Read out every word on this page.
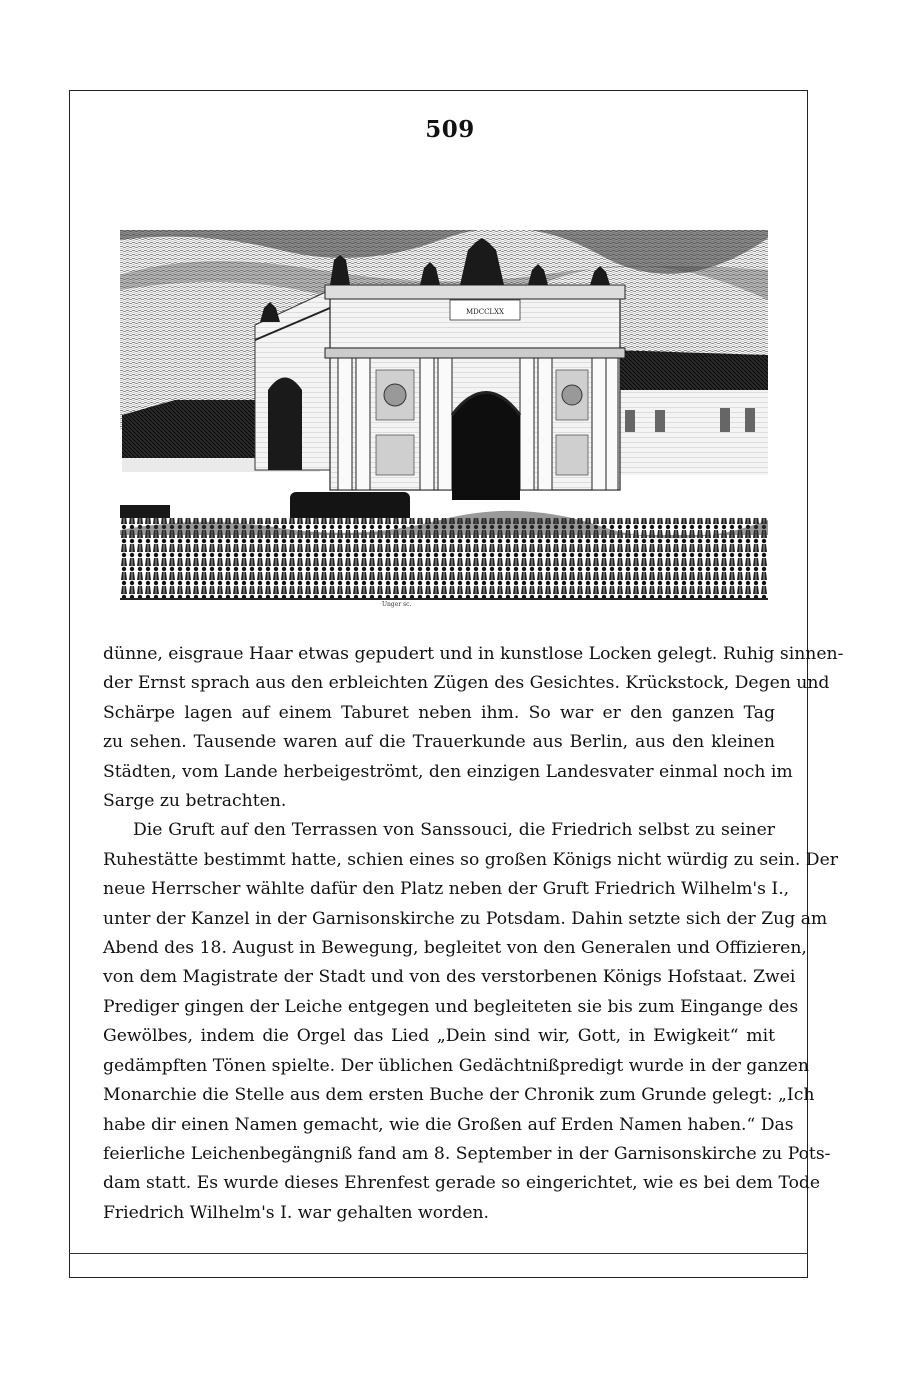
509
MDCCLXX
Unger sc.
dünne, eisgraue Haar etwas gepudert und in kunstlose Locken gelegt. Ruhig sinnen-
der Ernst sprach aus den erbleichten Zügen des Gesichtes. Krückstock, Degen und
Schärpe lagen auf einem Taburet neben ihm. So war er den ganzen Tag
zu sehen. Tausende waren auf die Trauerkunde aus Berlin, aus den kleinen
Städten, vom Lande herbeigeströmt, den einzigen Landesvater einmal noch im
Sarge zu betrachten.
Die Gruft auf den Terrassen von Sanssouci, die Friedrich selbst zu seiner
Ruhestätte bestimmt hatte, schien eines so großen Königs nicht würdig zu sein. Der
neue Herrscher wählte dafür den Platz neben der Gruft Friedrich Wilhelm's I.,
unter der Kanzel in der Garnisonskirche zu Potsdam. Dahin setzte sich der Zug am
Abend des 18. August in Bewegung, begleitet von den Generalen und Offizieren,
von dem Magistrate der Stadt und von des verstorbenen Königs Hofstaat. Zwei
Prediger gingen der Leiche entgegen und begleiteten sie bis zum Eingange des
Gewölbes, indem die Orgel das Lied „Dein sind wir, Gott, in Ewigkeit“ mit
gedämpften Tönen spielte. Der üblichen Gedächtnißpredigt wurde in der ganzen
Monarchie die Stelle aus dem ersten Buche der Chronik zum Grunde gelegt: „Ich
habe dir einen Namen gemacht, wie die Großen auf Erden Namen haben.“ Das
feierliche Leichenbegängniß fand am 8. September in der Garnisonskirche zu Pots-
dam statt. Es wurde dieses Ehrenfest gerade so eingerichtet, wie es bei dem Tode
Friedrich Wilhelm's I. war gehalten worden.
